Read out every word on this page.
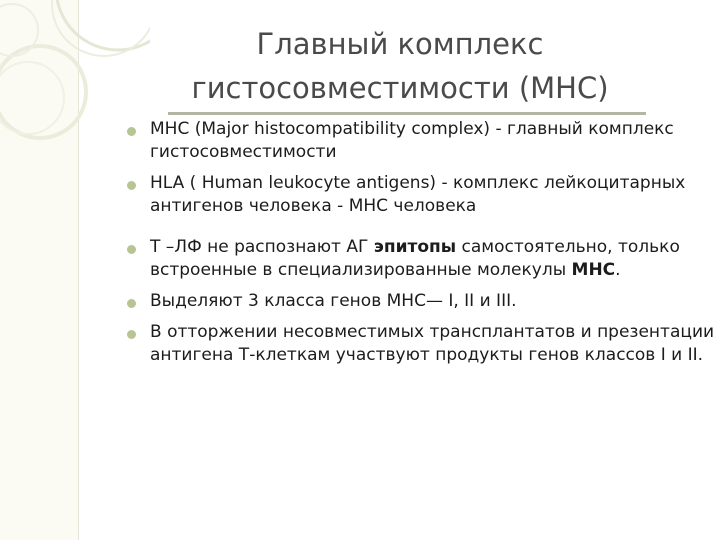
Главный комплекс
гистосовместимости (MHC)
MHC (Major histocompatibility complex) - главный комплекс гистосовместимости
HLA ( Human leukocyte antigens) - комплекс лейкоцитарных антигенов человека - MHC человека
Т –ЛФ не распознают АГ эпитопы самостоятельно, только встроенные в специализированные молекулы MHC.
Выделяют 3 класса генов MHC— I, II и III.
В отторжении несовместимых трансплантатов и презентации антигена Т-клеткам участвуют продукты генов классов I и II.
